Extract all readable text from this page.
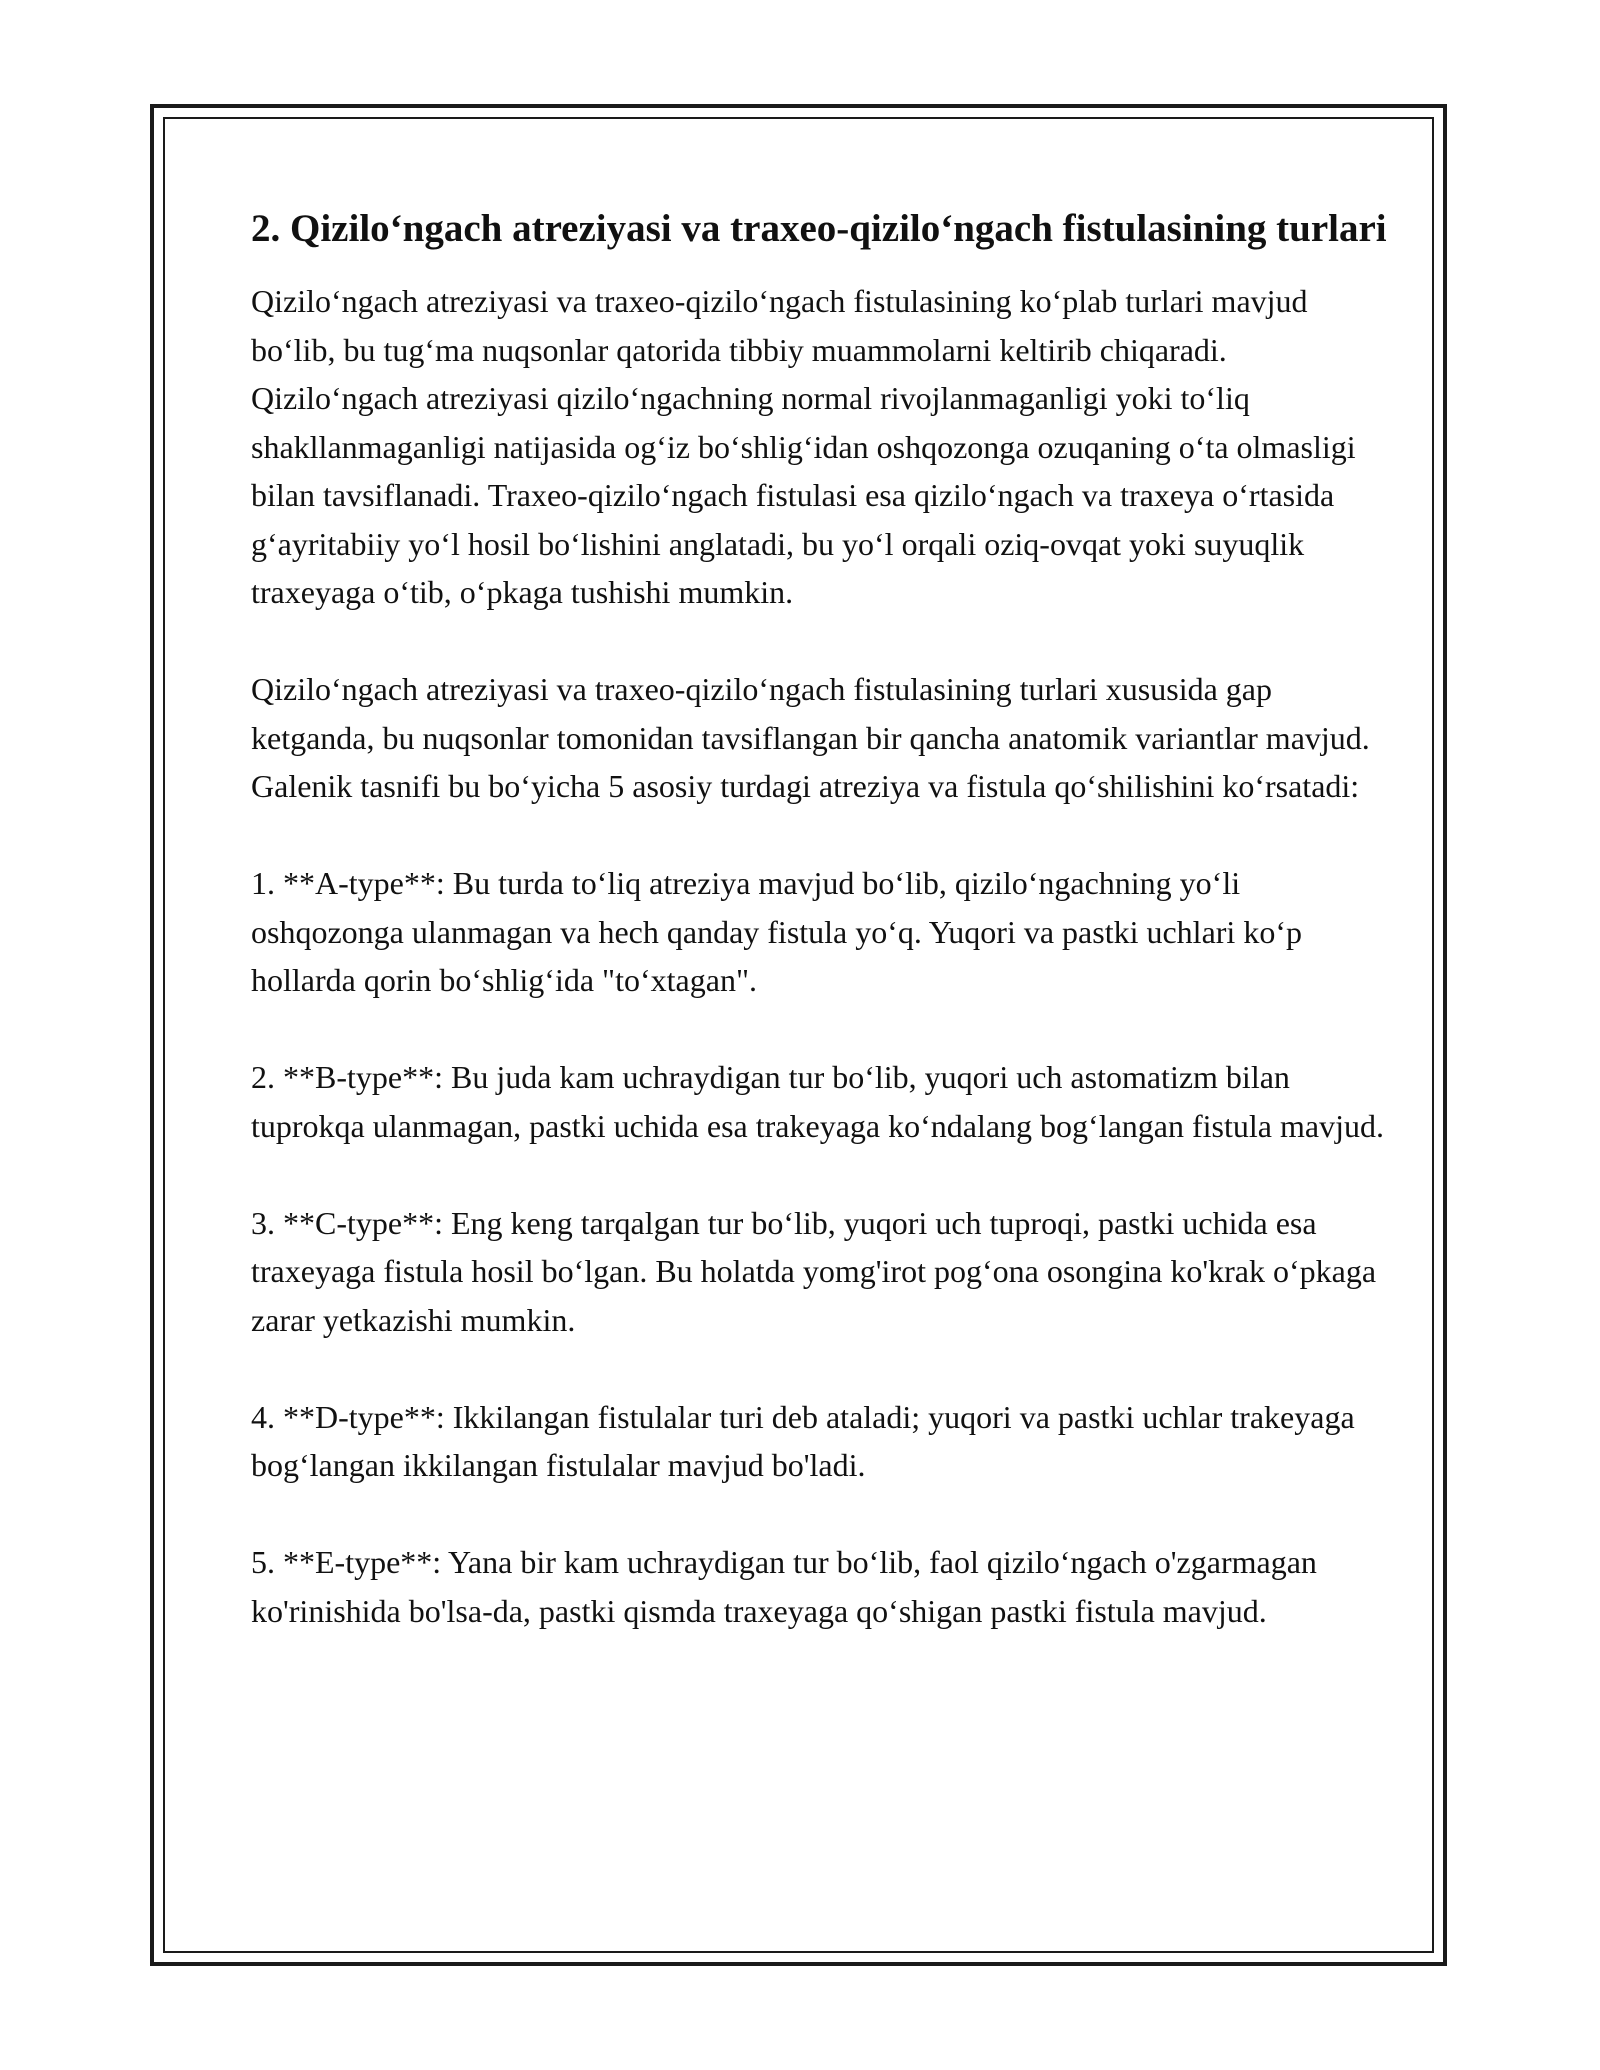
2. Qizilo‘ngach atreziyasi va traxeo-qizilo‘ngach fistulasining turlari

Qizilo‘ngach atreziyasi va traxeo-qizilo‘ngach fistulasining ko‘plab turlari mavjud bo‘lib, bu tug‘ma nuqsonlar qatorida tibbiy muammolarni keltirib chiqaradi. Qizilo‘ngach atreziyasi qizilo‘ngachning normal rivojlanmaganligi yoki to‘liq shakllanmaganligi natijasida og‘iz bo‘shlig‘idan oshqozonga ozuqaning o‘ta olmasligi bilan tavsiflanadi. Traxeo-qizilo‘ngach fistulasi esa qizilo‘ngach va traxeya o‘rtasida g‘ayritabiiy yo‘l hosil bo‘lishini anglatadi, bu yo‘l orqali oziq-ovqat yoki suyuqlik traxeyaga o‘tib, o‘pkaga tushishi mumkin.

Qizilo‘ngach atreziyasi va traxeo-qizilo‘ngach fistulasining turlari xususida gap ketganda, bu nuqsonlar tomonidan tavsiflangan bir qancha anatomik variantlar mavjud. Galenik tasnifi bu bo‘yicha 5 asosiy turdagi atreziya va fistula qo‘shilishini ko‘rsatadi:

1. **A-type**: Bu turda to‘liq atreziya mavjud bo‘lib, qizilo‘ngachning yo‘li oshqozonga ulanmagan va hech qanday fistula yo‘q. Yuqori va pastki uchlari ko‘p hollarda qorin bo‘shlig‘ida "to‘xtagan".

2. **B-type**: Bu juda kam uchraydigan tur bo‘lib, yuqori uch astomatizm bilan tuprokqa ulanmagan, pastki uchida esa trakeyaga ko‘ndalang bog‘langan fistula mavjud.

3. **C-type**: Eng keng tarqalgan tur bo‘lib, yuqori uch tuproqi, pastki uchida esa traxeyaga fistula hosil bo‘lgan. Bu holatda yomg'irot pog‘ona osongina ko'krak o‘pkaga zarar yetkazishi mumkin.

4. **D-type**: Ikkilangan fistulalar turi deb ataladi; yuqori va pastki uchlar trakeyaga bog‘langan ikkilangan fistulalar mavjud bo'ladi.

5. **E-type**: Yana bir kam uchraydigan tur bo‘lib, faol qizilo‘ngach o'zgarmagan ko'rinishida bo'lsa-da, pastki qismda traxeyaga qo‘shigan pastki fistula mavjud.
